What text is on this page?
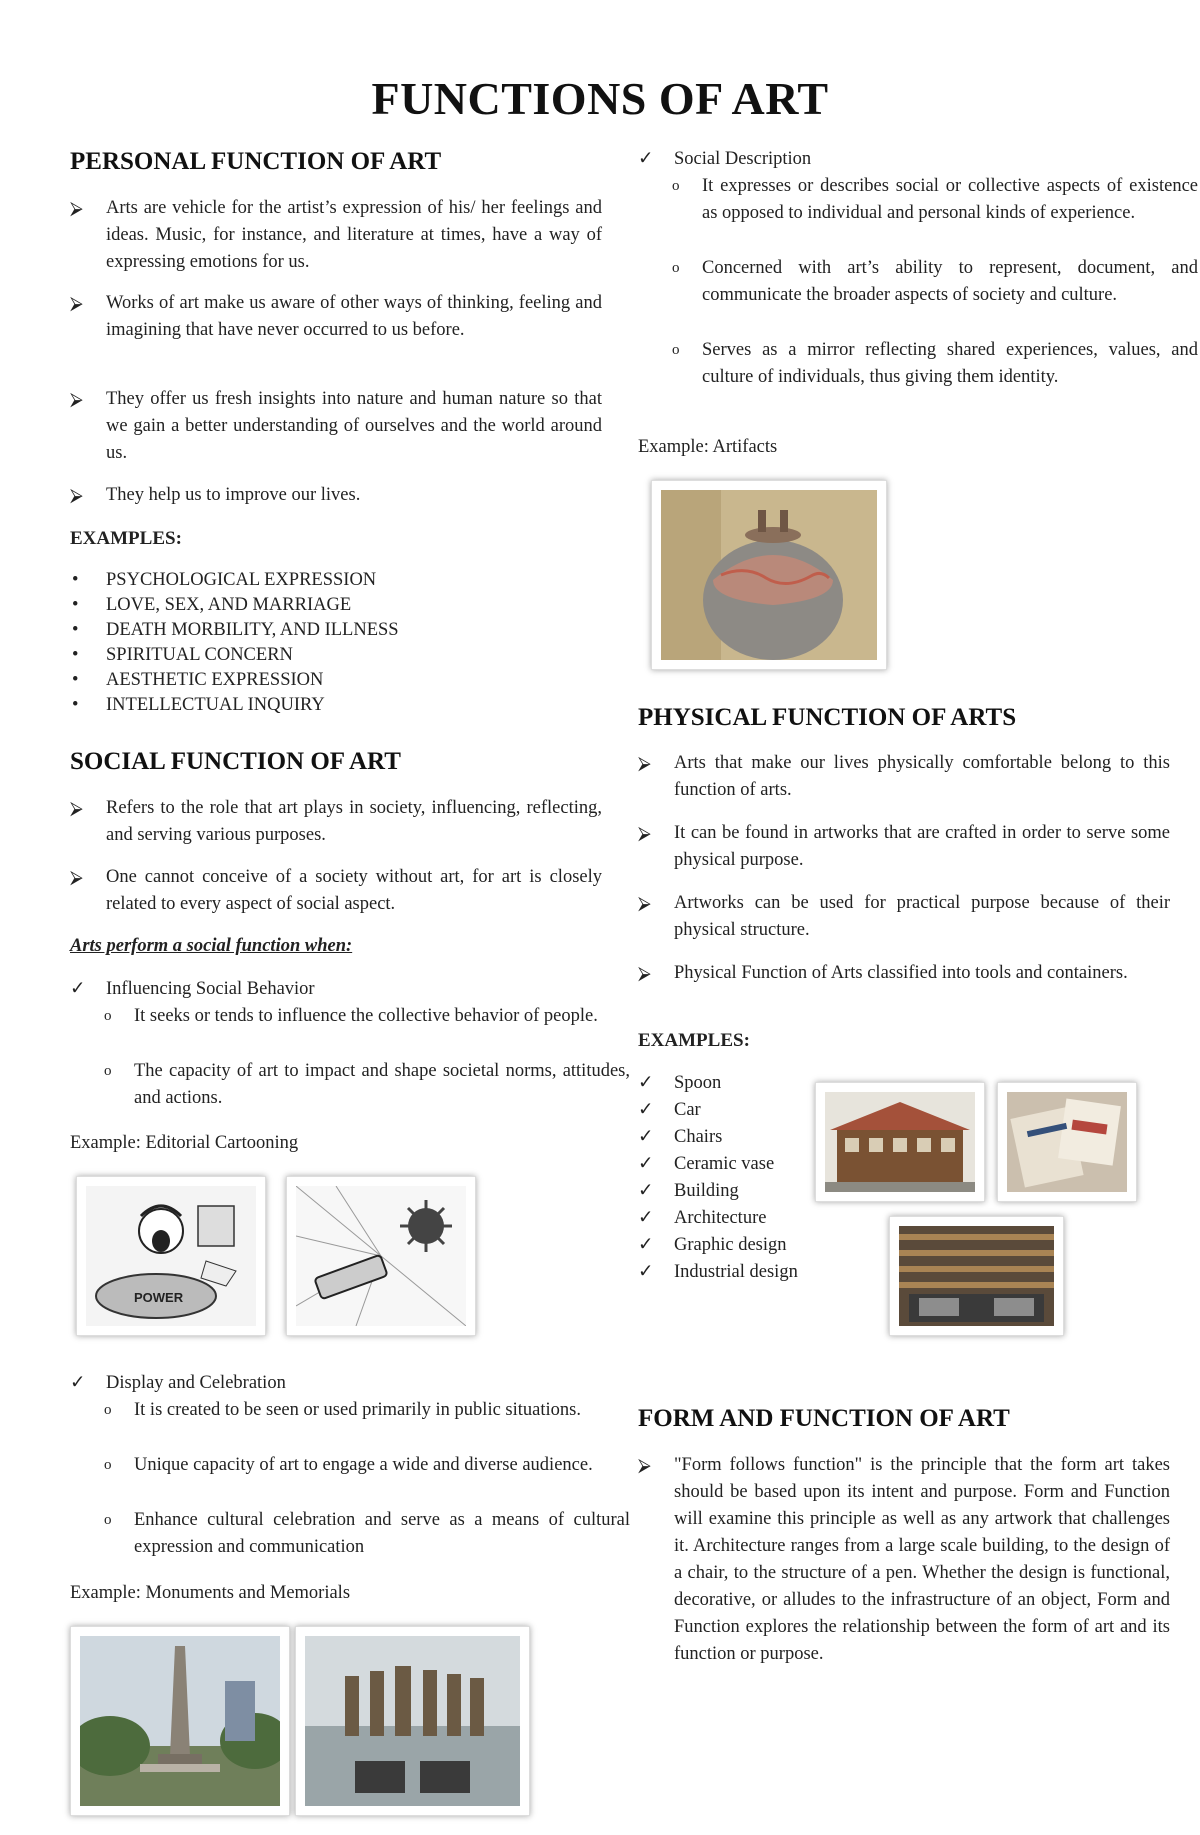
FUNCTIONS OF ART
PERSONAL FUNCTION OF ART
⮚ Arts are vehicle for the artist’s expression of his/ her feelings and ideas. Music, for instance, and literature at times, have a way of expressing emotions for us.
⮚ Works of art make us aware of other ways of thinking, feeling and imagining that have never occurred to us before.
⮚ They offer us fresh insights into nature and human nature so that we gain a better understanding of ourselves and the world around us.
⮚ They help us to improve our lives.

EXAMPLES:

• PSYCHOLOGICAL EXPRESSION
• LOVE, SEX, AND MARRIAGE
• DEATH MORBILITY, AND ILLNESS
• SPIRITUAL CONCERN
• AESTHETIC EXPRESSION
• INTELLECTUAL INQUIRY
SOCIAL FUNCTION OF ART
⮚ Refers to the role that art plays in society, influencing, reflecting, and serving various purposes.
⮚ One cannot conceive of a society without art, for art is closely related to every aspect of social aspect.
Arts perform a social function when:
✓ Influencing Social Behavior
o It seeks or tends to influence the collective behavior of people.
o The capacity of art to impact and shape societal norms, attitudes, and actions.

Example: Editorial Cartooning

✓ Display and Celebration
o It is created to be seen or used primarily in public situations.
o Unique capacity of art to engage a wide and diverse audience.
o Enhance cultural celebration and serve as a means of cultural expression and communication

Example: Monuments and Memorials

✓ Social Description
o It expresses or describes social or collective aspects of existence as opposed to individual and personal kinds of experience.
o Concerned with art’s ability to represent, document, and communicate the broader aspects of society and culture.
o Serves as a mirror reflecting shared experiences, values, and culture of individuals, thus giving them identity.

Example: Artifacts

PHYSICAL FUNCTION OF ARTS
⮚ Arts that make our lives physically comfortable belong to this function of arts.
⮚ It can be found in artworks that are crafted in order to serve some physical purpose.
⮚ Artworks can be used for practical purpose because of their physical structure.
⮚ Physical Function of Arts classified into tools and containers.

EXAMPLES:

✓ Spoon
✓ Car
✓ Chairs
✓ Ceramic vase
✓ Building
✓ Architecture
✓ Graphic design
✓ Industrial design
FORM AND FUNCTION OF ART
⮚ "Form follows function" is the principle that the form art takes should be based upon its intent and purpose. Form and Function will examine this principle as well as any artwork that challenges it. Architecture ranges from a large scale building, to the design of a chair, to the structure of a pen. Whether the design is functional, decorative, or alludes to the infrastructure of an object, Form and Function explores the relationship between the form of art and its function or purpose.
POWER
